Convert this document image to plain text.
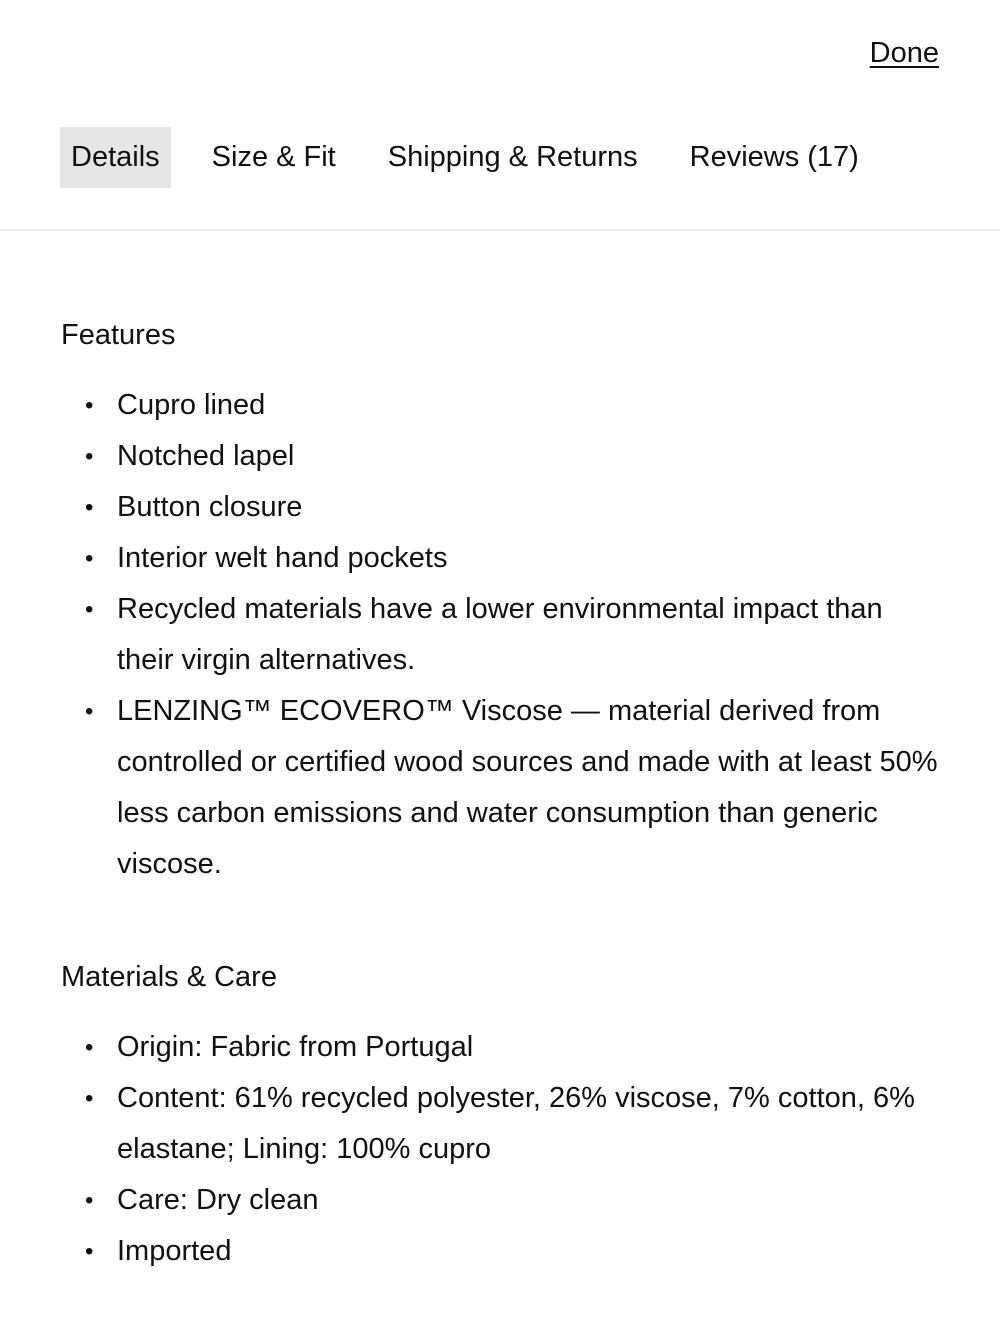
Done
Details	Size & Fit	Shipping & Returns	Reviews (17)
Features
• Cupro lined
• Notched lapel
• Button closure
• Interior welt hand pockets
• Recycled materials have a lower environmental impact than their virgin alternatives.
• LENZING™ ECOVERO™ Viscose — material derived from controlled or certified wood sources and made with at least 50% less carbon emissions and water consumption than generic viscose.
Materials & Care
• Origin: Fabric from Portugal
• Content: 61% recycled polyester, 26% viscose, 7% cotton, 6% elastane; Lining: 100% cupro
• Care: Dry clean
• Imported
